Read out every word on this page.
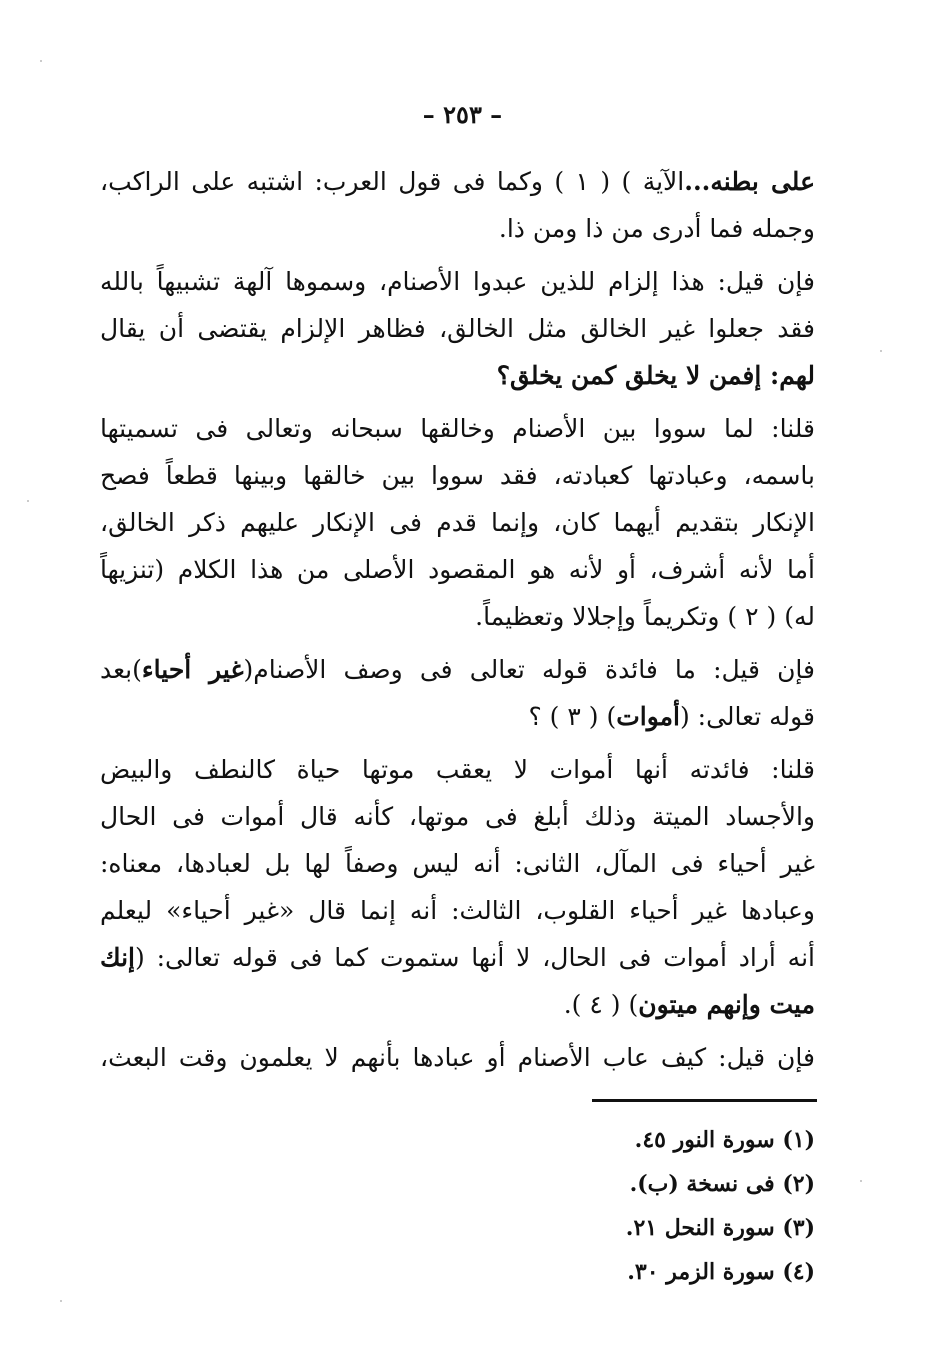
– ٢٥٣ –
على بطنه...الآية ) ( ١ ) وكما فى قول العرب: اشتبه على الراكب،
وجمله فما أدرى من ذا ومن ذا.
فإن قيل: هذا إلزام للذين عبدوا الأصنام، وسموها آلهة تشبيهاً بالله
فقد جعلوا غير الخالق مثل الخالق، فظاهر الإلزام يقتضى أن يقال
لهم: إفمن لا يخلق كمن يخلق؟
قلنا: لما سووا بين الأصنام وخالقها سبحانه وتعالى فى تسميتها
باسمه، وعبادتها كعبادته، فقد سووا بين خالقها وبينها قطعاً فصح
الإنكار بتقديم أيهما كان، وإنما قدم فى الإنكار عليهم ذكر الخالق،
أما لأنه أشرف، أو لأنه هو المقصود الأصلى من هذا الكلام (تنزيهاً
له) ( ٢ ) وتكريماً وإجلالا وتعظيماً.
فإن قيل: ما فائدة قوله تعالى فى وصف الأصنام(غير أحياء)بعد
قوله تعالى: (أموات) ( ٣ ) ؟
قلنا: فائدته أنها أموات لا يعقب موتها حياة كالنطف والبيض
والأجساد الميتة وذلك أبلغ فى موتها، كأنه قال أموات فى الحال
غير أحياء فى المآل، الثانى: أنه ليس وصفاً لها بل لعبادها، معناه:
وعبادها غير أحياء القلوب، الثالث: أنه إنما قال «غير أحياء» ليعلم
أنه أراد أموات فى الحال، لا أنها ستموت كما فى قوله تعالى: (إنك
ميت وإنهم ميتون) ( ٤ ).
فإن قيل: كيف عاب الأصنام أو عبادها بأنهم لا يعلمون وقت البعث،
(١) سورة النور ٤٥.
(٢) فى نسخة (ب).
(٣) سورة النحل ٢١.
(٤) سورة الزمر ٣٠.
